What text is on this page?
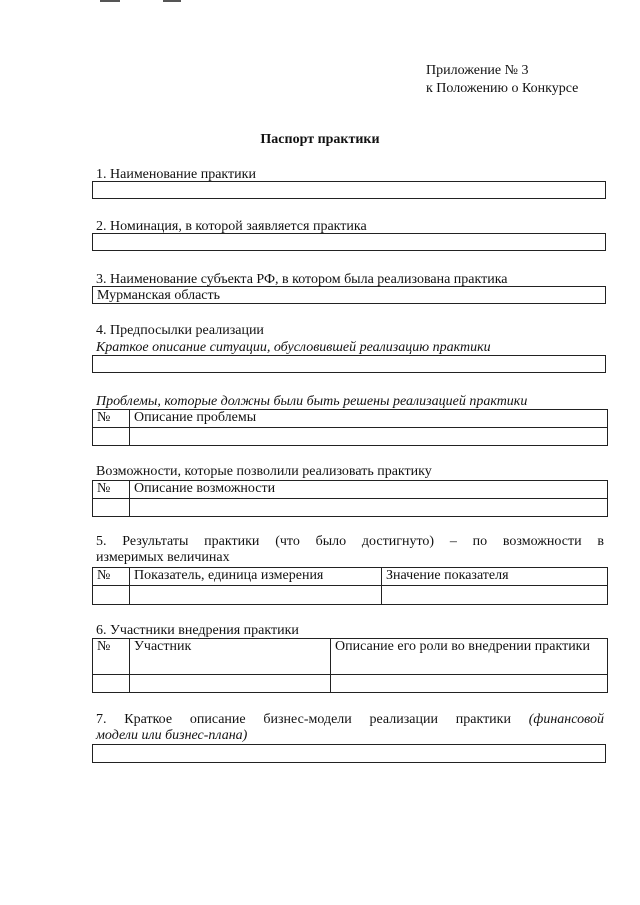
Приложение № 3
к Положению о Конкурсе
Паспорт практики
1. Наименование практики
2. Номинация, в которой заявляется практика
3. Наименование субъекта РФ, в котором была реализована практика
Мурманская область
4. Предпосылки реализации
Краткое описание ситуации, обусловившей реализацию практики
Проблемы, которые должны были быть решены реализацией практики
№	Описание проблемы

Возможности, которые позволили реализовать практику
№	Описание возможности

5. Результаты практики (что было достигнуто) – по возможности в
измеримых величинах
№	Показатель, единица измерения	Значение показателя

6. Участники внедрения практики
№	Участник	Описание его роли во внедрении практики

7. Краткое описание бизнес-модели реализации практики (финансовой
модели или бизнес-плана)
